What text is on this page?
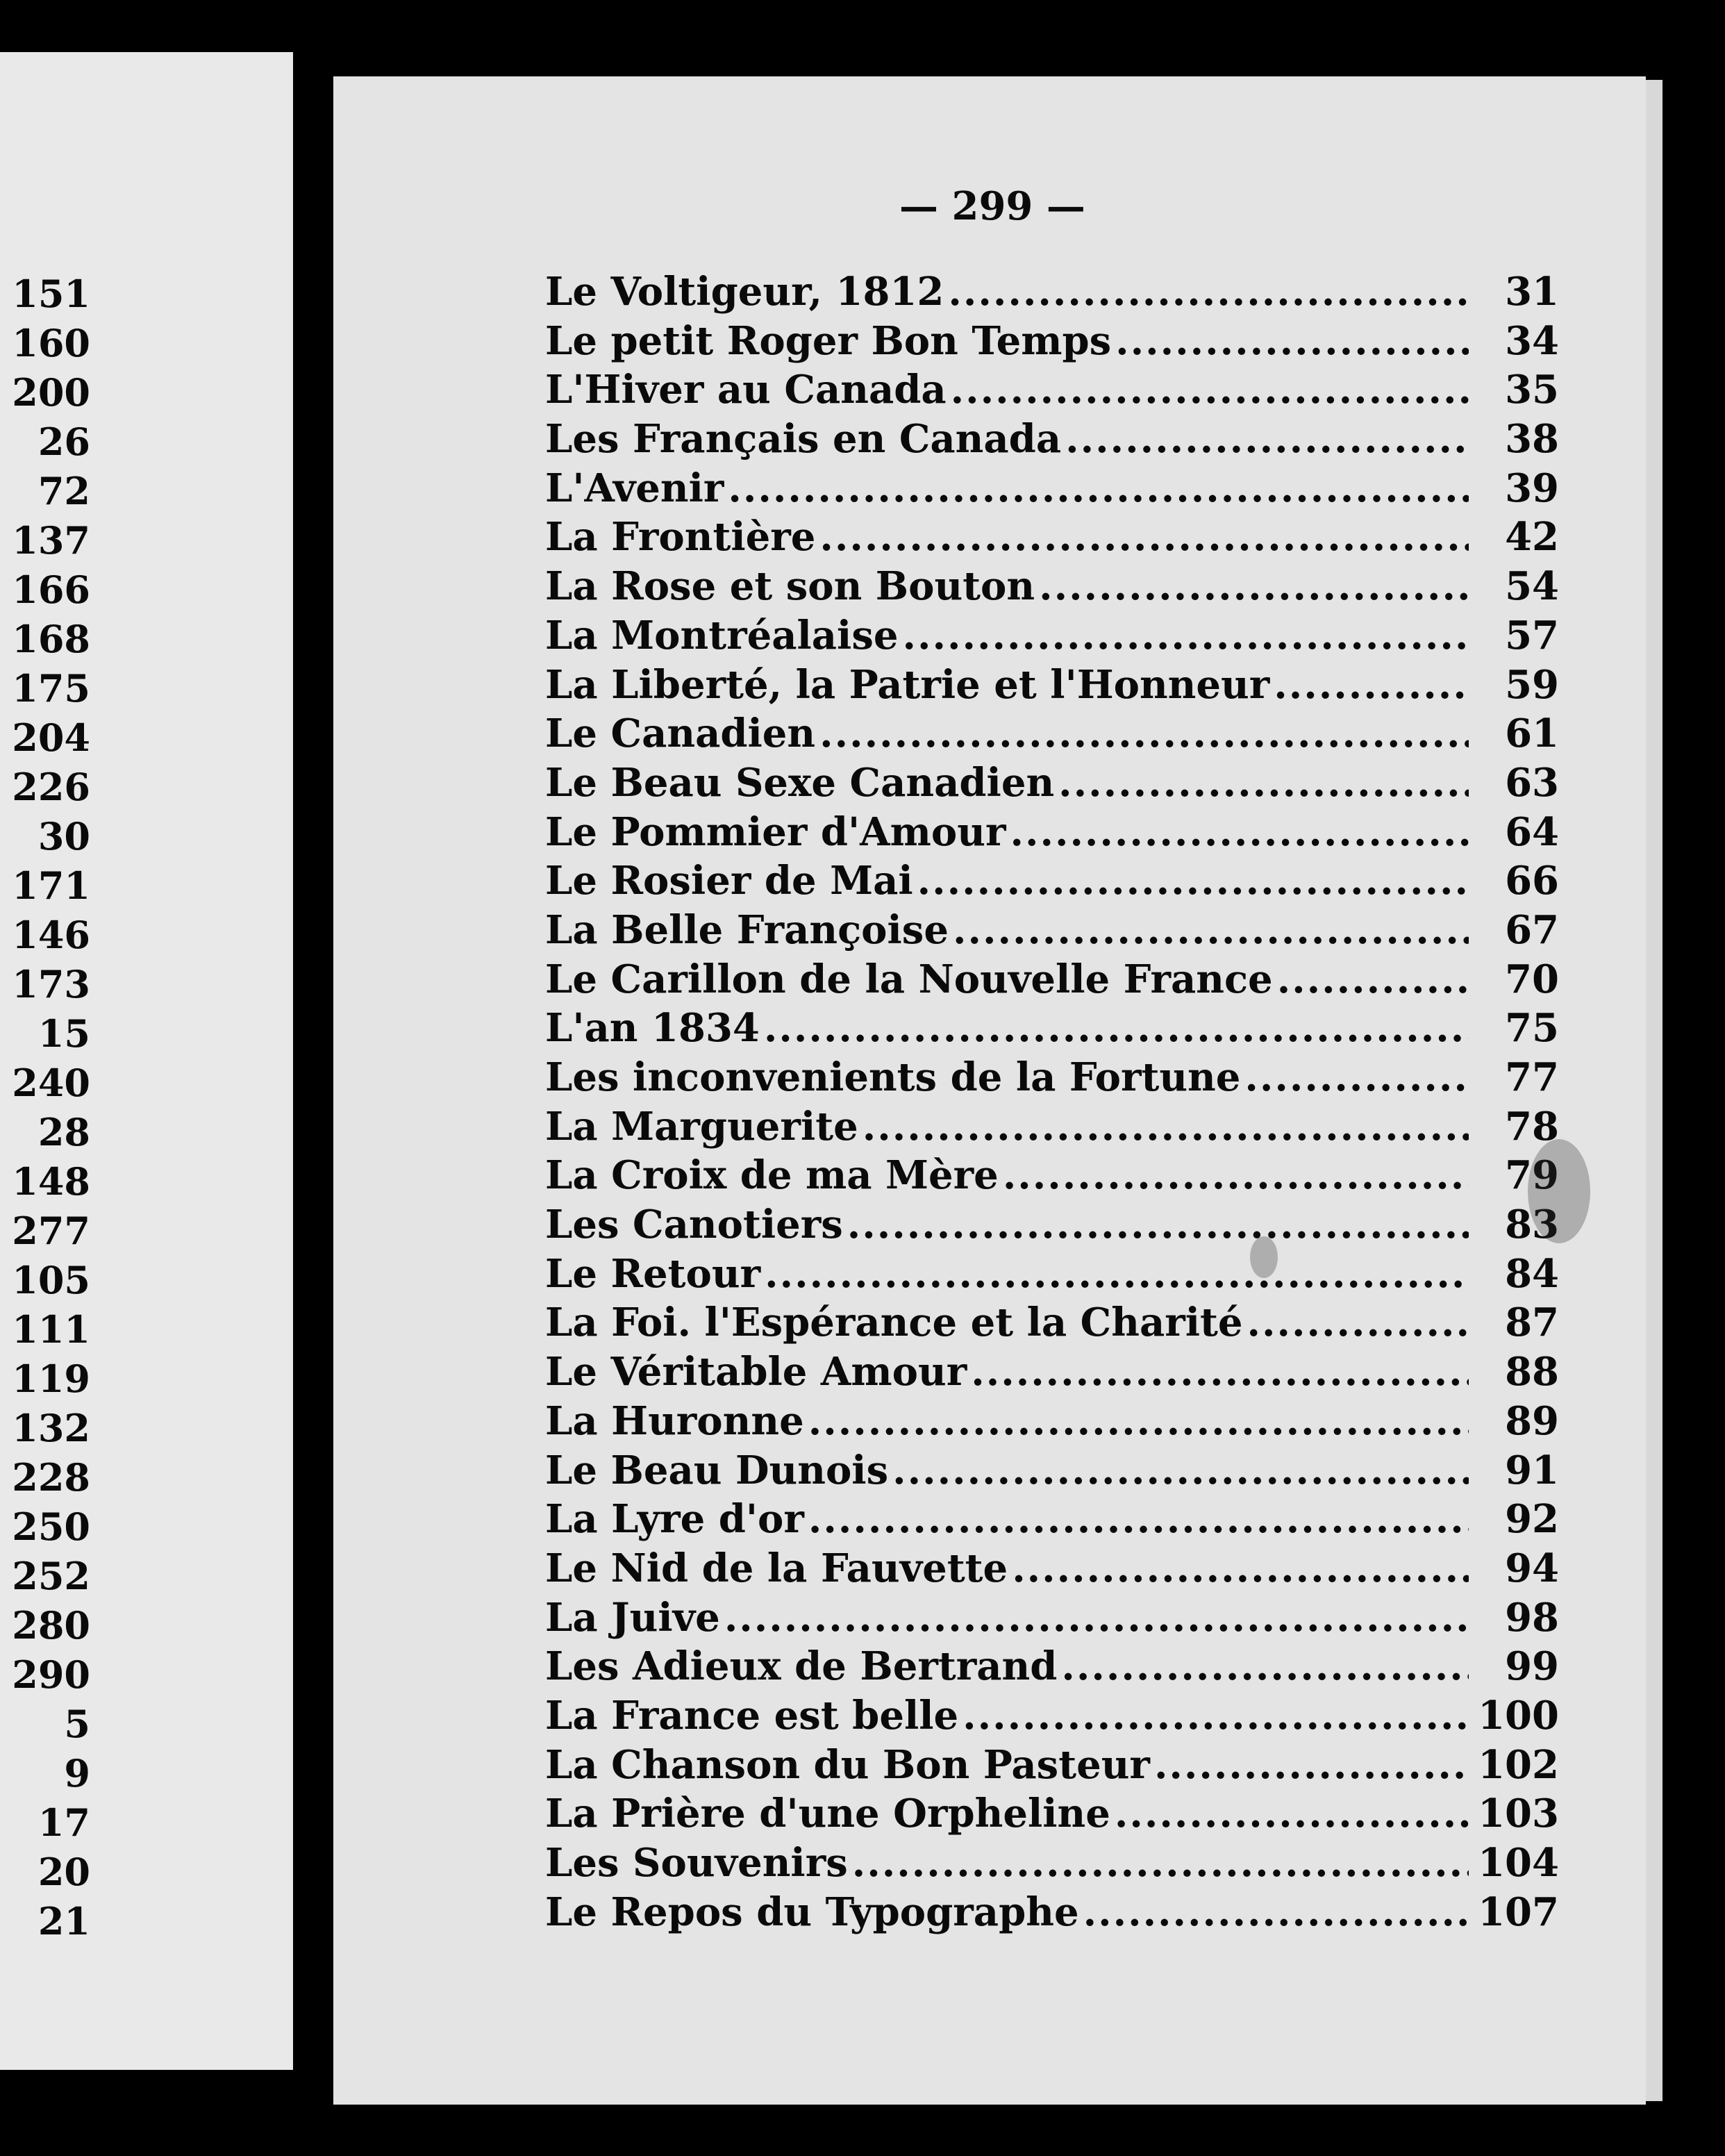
151
160
200
26
72
137
166
168
175
204
226
30
171
146
173
15
240
28
148
277
105
111
119
132
228
250
252
280
290
5
9
17
20
21
— 299 —
Le Voltigeur, 1812 .....	31
Le petit Roger Bon Temps .....	34
L'Hiver au Canada .....	35
Les Français en Canada .....	38
L'Avenir .....	39
La Frontière .....	42
La Rose et son Bouton .....	54
La Montréalaise .....	57
La Liberté, la Patrie et l'Honneur .....	59
Le Canadien .....	61
Le Beau Sexe Canadien .....	63
Le Pommier d'Amour .....	64
Le Rosier de Mai .....	66
La Belle Françoise .....	67
Le Carillon de la Nouvelle France .....	70
L'an 1834 .....	75
Les inconvenients de la Fortune .....	77
La Marguerite .....	78
La Croix de ma Mère .....	79
Les Canotiers .....	83
Le Retour .....	84
La Foi. l'Espérance et la Charité .....	87
Le Véritable Amour .....	88
La Huronne .....	89
Le Beau Dunois .....	91
La Lyre d'or .....	92
Le Nid de la Fauvette .....	94
La Juive .....	98
Les Adieux de Bertrand .....	99
La France est belle .....	100
La Chanson du Bon Pasteur .....	102
La Prière d'une Orpheline .....	103
Les Souvenirs .....	104
Le Repos du Typographe .....	107
